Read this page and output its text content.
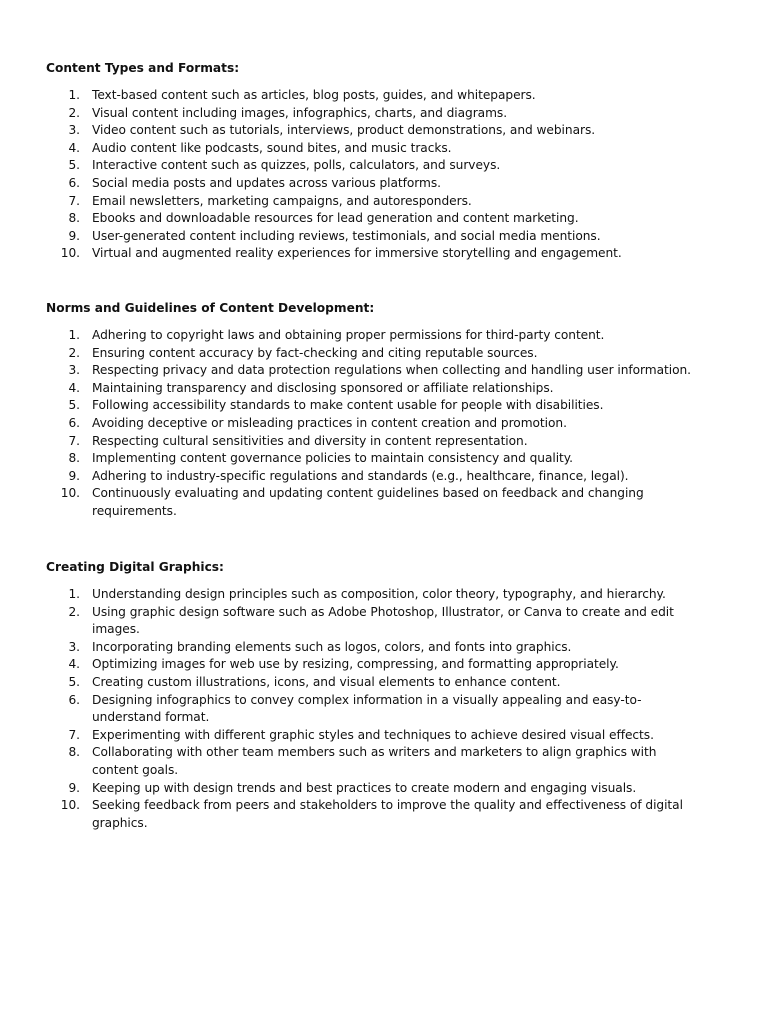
Content Types and Formats:
1. Text-based content such as articles, blog posts, guides, and whitepapers.
2. Visual content including images, infographics, charts, and diagrams.
3. Video content such as tutorials, interviews, product demonstrations, and webinars.
4. Audio content like podcasts, sound bites, and music tracks.
5. Interactive content such as quizzes, polls, calculators, and surveys.
6. Social media posts and updates across various platforms.
7. Email newsletters, marketing campaigns, and autoresponders.
8. Ebooks and downloadable resources for lead generation and content marketing.
9. User-generated content including reviews, testimonials, and social media mentions.
10. Virtual and augmented reality experiences for immersive storytelling and engagement.
Norms and Guidelines of Content Development:
1. Adhering to copyright laws and obtaining proper permissions for third-party content.
2. Ensuring content accuracy by fact-checking and citing reputable sources.
3. Respecting privacy and data protection regulations when collecting and handling user information.
4. Maintaining transparency and disclosing sponsored or affiliate relationships.
5. Following accessibility standards to make content usable for people with disabilities.
6. Avoiding deceptive or misleading practices in content creation and promotion.
7. Respecting cultural sensitivities and diversity in content representation.
8. Implementing content governance policies to maintain consistency and quality.
9. Adhering to industry-specific regulations and standards (e.g., healthcare, finance, legal).
10. Continuously evaluating and updating content guidelines based on feedback and changing requirements.
Creating Digital Graphics:
1. Understanding design principles such as composition, color theory, typography, and hierarchy.
2. Using graphic design software such as Adobe Photoshop, Illustrator, or Canva to create and edit images.
3. Incorporating branding elements such as logos, colors, and fonts into graphics.
4. Optimizing images for web use by resizing, compressing, and formatting appropriately.
5. Creating custom illustrations, icons, and visual elements to enhance content.
6. Designing infographics to convey complex information in a visually appealing and easy-to-understand format.
7. Experimenting with different graphic styles and techniques to achieve desired visual effects.
8. Collaborating with other team members such as writers and marketers to align graphics with content goals.
9. Keeping up with design trends and best practices to create modern and engaging visuals.
10. Seeking feedback from peers and stakeholders to improve the quality and effectiveness of digital graphics.
